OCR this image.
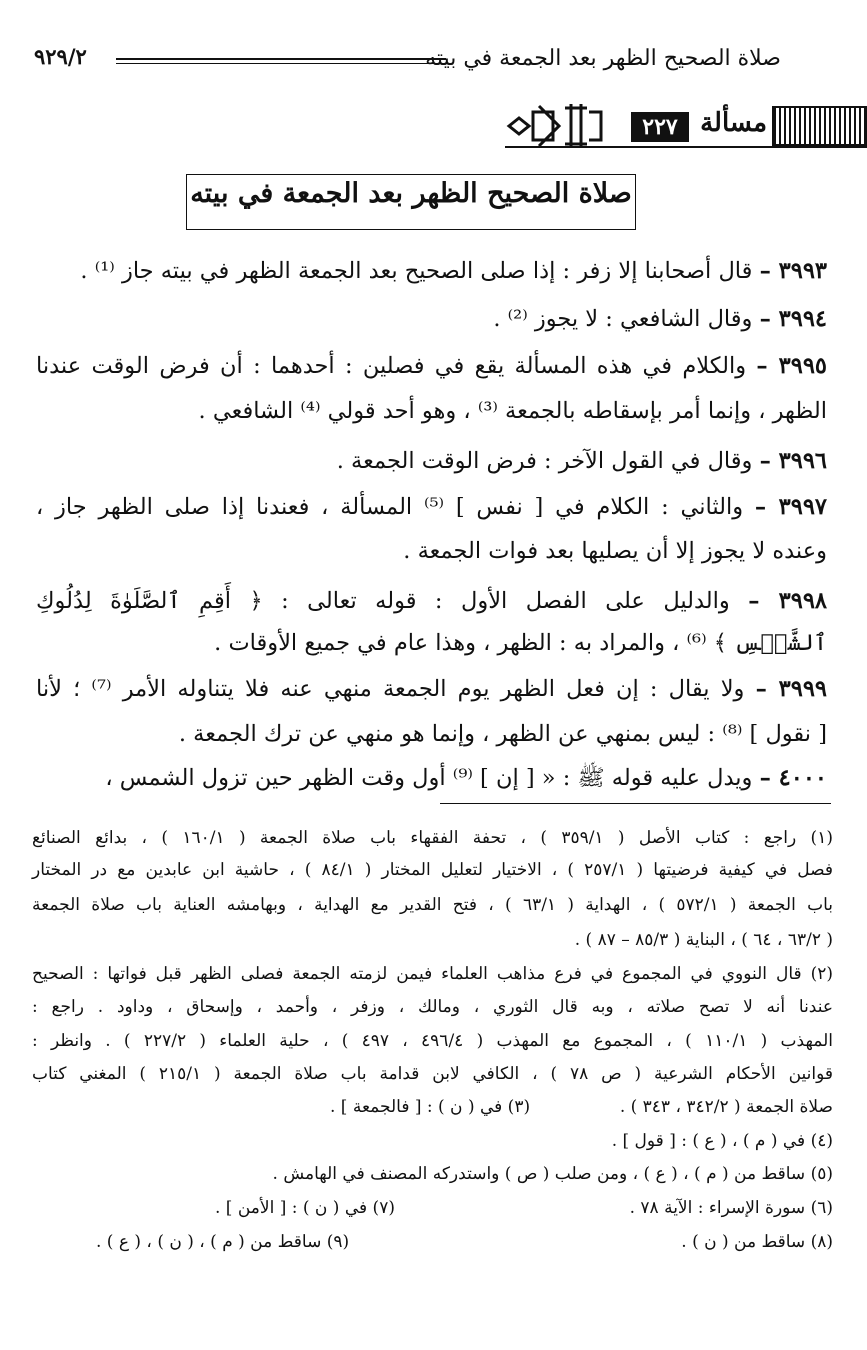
صلاة الصحيح الظهر بعد الجمعة في بيته
٩٢٩/٢
مسألة
٢٢٧
صلاة الصحيح الظهر بعد الجمعة في بيته
٣٩٩٣ – قال أصحابنا إلا زفر : إذا صلى الصحيح بعد الجمعة الظهر في بيته جاز ⁽¹⁾ .
٣٩٩٤ – وقال الشافعي : لا يجوز ⁽²⁾ .
٣٩٩٥ – والكلام في هذه المسألة يقع في فصلين : أحدهما : أن فرض الوقت عندنا
الظهر ، وإنما أمر بإسقاطه بالجمعة ⁽³⁾ ، وهو أحد قولي ⁽⁴⁾ الشافعي .
٣٩٩٦ – وقال في القول الآخر : فرض الوقت الجمعة .
٣٩٩٧ – والثاني : الكلام في [ نفس ] ⁽⁵⁾ المسألة ، فعندنا إذا صلى الظهر جاز ،
وعنده لا يجوز إلا أن يصليها بعد فوات الجمعة .
٣٩٩٨ – والدليل على الفصل الأول : قوله تعالى : ﴿ أَقِمِ ٱلصَّلَوٰةَ لِدُلُوكِ
ٱلشَّمۡسِ ﴾ ⁽⁶⁾ ، والمراد به : الظهر ، وهذا عام في جميع الأوقات .
٣٩٩٩ – ولا يقال : إن فعل الظهر يوم الجمعة منهي عنه فلا يتناوله الأمر ⁽⁷⁾ ؛ لأنا
[ نقول ] ⁽⁸⁾ : ليس بمنهي عن الظهر ، وإنما هو منهي عن ترك الجمعة .
٤٠٠٠ – ويدل عليه قوله ﷺ : « [ إن ] ⁽⁹⁾ أول وقت الظهر حين تزول الشمس ،
(١) راجع : كتاب الأصل ( ٣٥٩/١ ) ، تحفة الفقهاء باب صلاة الجمعة ( ١٦٠/١ ) ، بدائع الصنائع
فصل في كيفية فرضيتها ( ٢٥٧/١ ) ، الاختيار لتعليل المختار ( ٨٤/١ ) ، حاشية ابن عابدين مع در المختار
باب الجمعة ( ٥٧٢/١ ) ، الهداية ( ٦٣/١ ) ، فتح القدير مع الهداية ، وبهامشه العناية باب صلاة الجمعة
( ٦٣/٢ ، ٦٤ ) ، البناية ( ٨٥/٣ – ٨٧ ) .
(٢) قال النووي في المجموع في فرع مذاهب العلماء فيمن لزمته الجمعة فصلى الظهر قبل فواتها : الصحيح
عندنا أنه لا تصح صلاته ، وبه قال الثوري ، ومالك ، وزفر ، وأحمد ، وإسحاق ، وداود . راجع :
المهذب ( ١١٠/١ ) ، المجموع مع المهذب ( ٤٩٦/٤ ، ٤٩٧ ) ، حلية العلماء ( ٢٢٧/٢ ) . وانظر :
قوانين الأحكام الشرعية ( ص ٧٨ ) ، الكافي لابن قدامة باب صلاة الجمعة ( ٢١٥/١ ) المغني كتاب
صلاة الجمعة ( ٣٤٢/٢ ، ٣٤٣ ) .
(٣) في ( ن ) : [ فالجمعة ] .
(٤) في ( م ) ، ( ع ) : [ قول ] .
(٥) ساقط من ( م ) ، ( ع ) ، ومن صلب ( ص ) واستدركه المصنف في الهامش .
(٦) سورة الإسراء : الآية ٧٨ .
(٧) في ( ن ) : [ الأمن ] .
(٨) ساقط من ( ن ) .
(٩) ساقط من ( م ) ، ( ن ) ، ( ع ) .
